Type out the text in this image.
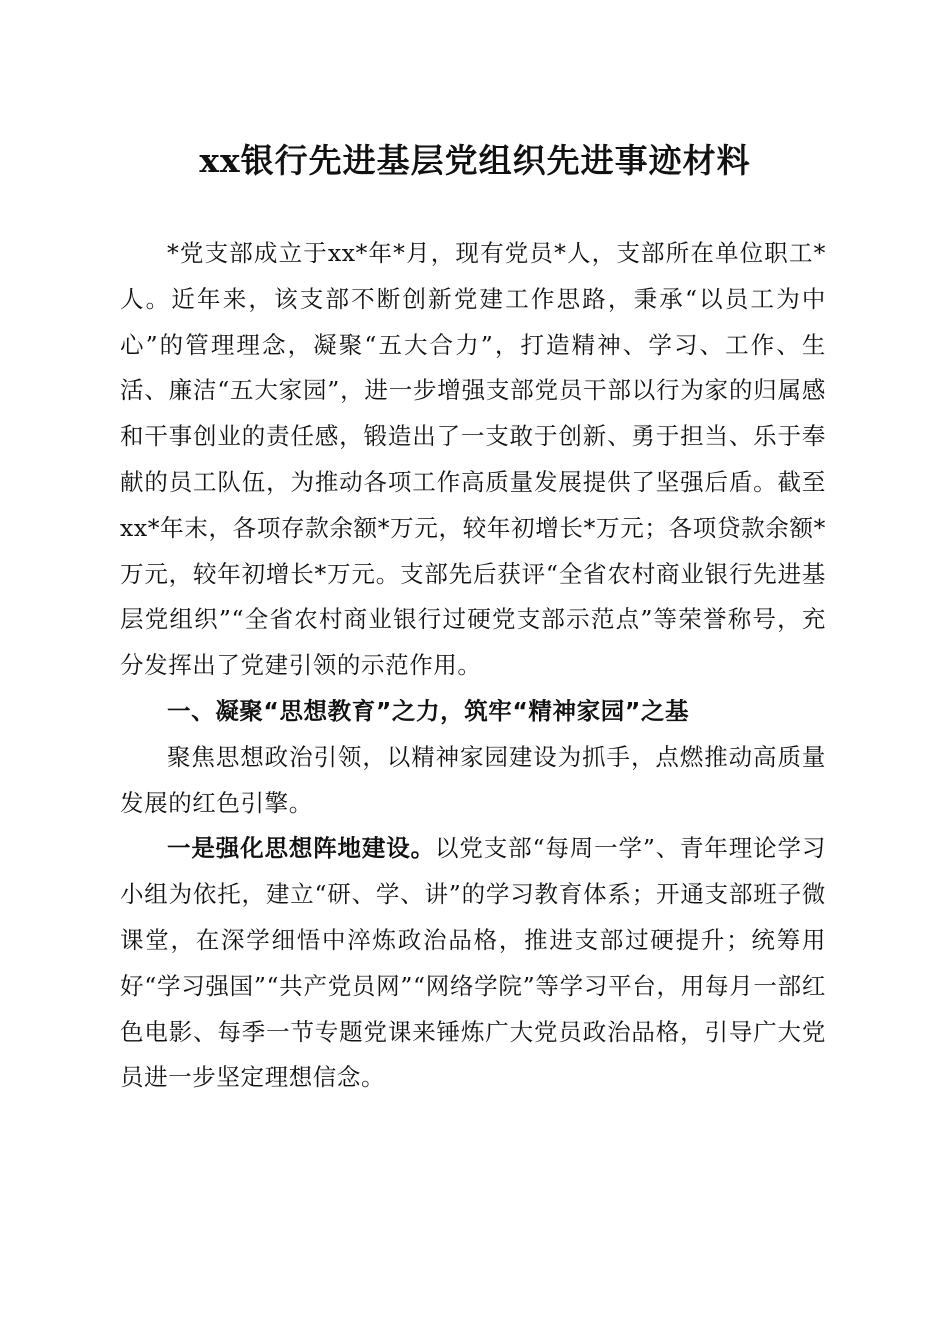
xx银行先进基层党组织先进事迹材料

*党支部成立于xx*年*月，现有党员*人，支部所在单位职工*人。近年来，该支部不断创新党建工作思路，秉承“以员工为中心”的管理理念，凝聚“五大合力”，打造精神、学习、工作、生活、廉洁“五大家园”，进一步增强支部党员干部以行为家的归属感和干事创业的责任感，锻造出了一支敢于创新、勇于担当、乐于奉献的员工队伍，为推动各项工作高质量发展提供了坚强后盾。截至xx*年末，各项存款余额*万元，较年初增长*万元；各项贷款余额*万元，较年初增长*万元。支部先后获评“全省农村商业银行先进基层党组织”“全省农村商业银行过硬党支部示范点”等荣誉称号，充分发挥出了党建引领的示范作用。

一、凝聚“思想教育”之力，筑牢“精神家园”之基

聚焦思想政治引领，以精神家园建设为抓手，点燃推动高质量发展的红色引擎。

一是强化思想阵地建设。以党支部“每周一学”、青年理论学习小组为依托，建立“研、学、讲”的学习教育体系；开通支部班子微课堂，在深学细悟中淬炼政治品格，推进支部过硬提升；统筹用好“学习强国”“共产党员网”“网络学院”等学习平台，用每月一部红色电影、每季一节专题党课来锤炼广大党员政治品格，引导广大党员进一步坚定理想信念。
